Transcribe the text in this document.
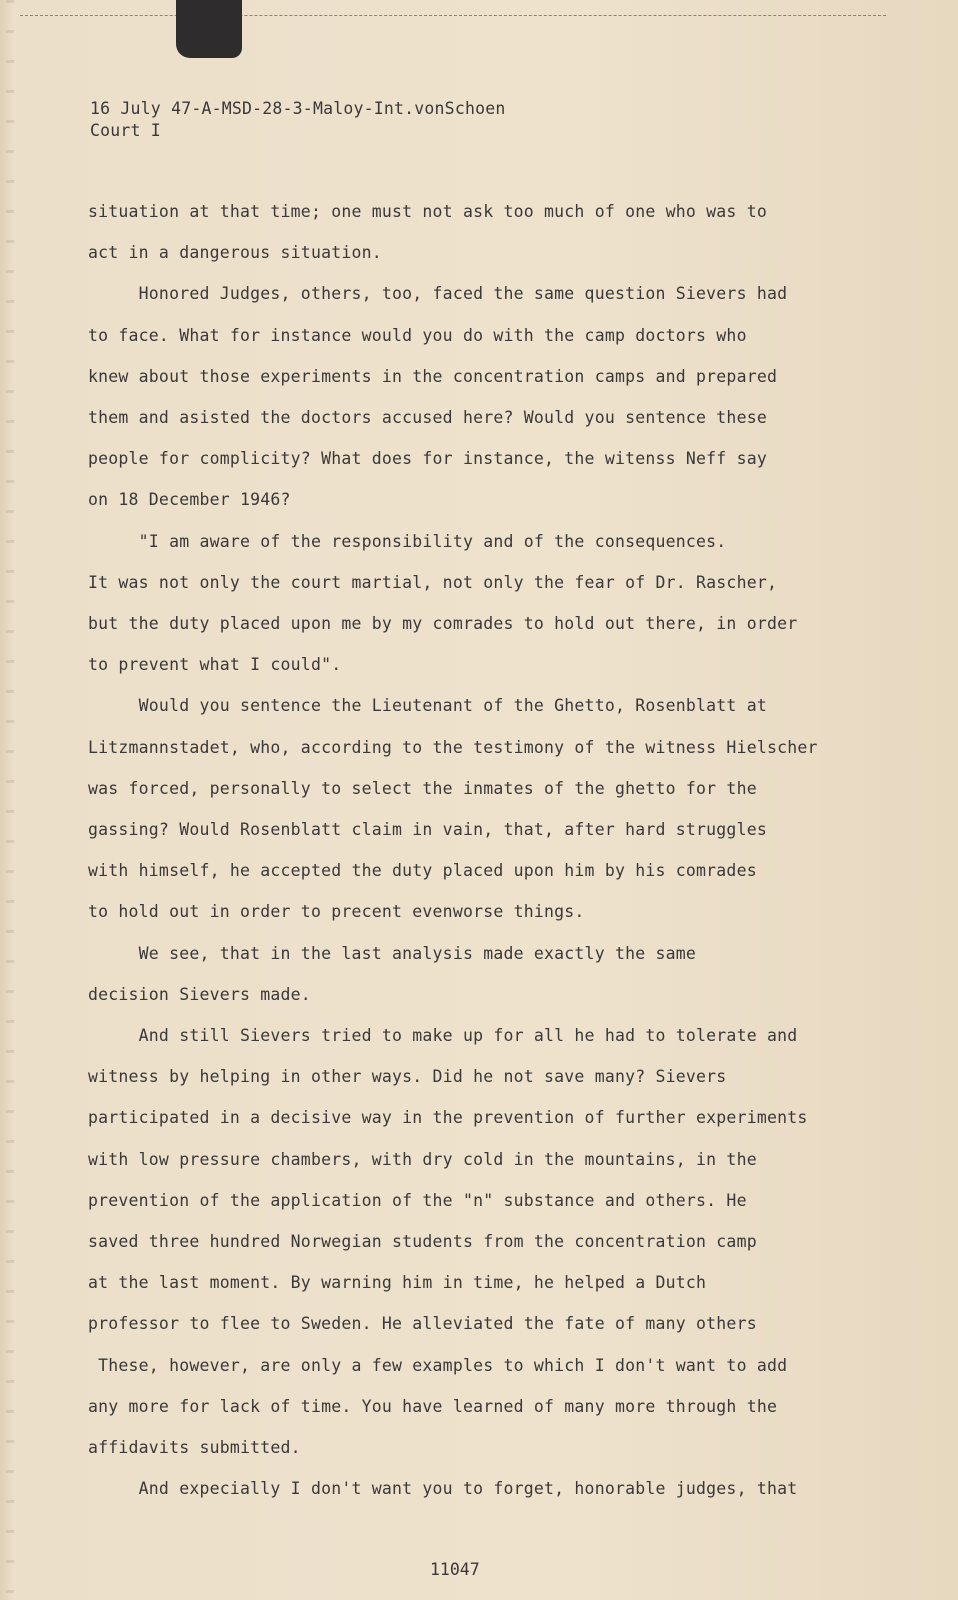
16 July 47-A-MSD-28-3-Maloy-Int.vonSchoen
Court I
situation at that time; one must not ask too much of one who was to
act in a dangerous situation.
Honored Judges, others, too, faced the same question Sievers had
to face. What for instance would you do with the camp doctors who
knew about those experiments in the concentration camps and prepared
them and asisted the doctors accused here? Would you sentence these
people for complicity? What does for instance, the witenss Neff say
on 18 December 1946?
"I am aware of the responsibility and of the consequences.
It was not only the court martial, not only the fear of Dr. Rascher,
but the duty placed upon me by my comrades to hold out there, in order
to prevent what I could".
Would you sentence the Lieutenant of the Ghetto, Rosenblatt at
Litzmannstadet, who, according to the testimony of the witness Hielscher
was forced, personally to select the inmates of the ghetto for the
gassing? Would Rosenblatt claim in vain, that, after hard struggles
with himself, he accepted the duty placed upon him by his comrades
to hold out in order to precent evenworse things.
We see, that in the last analysis made exactly the same
decision Sievers made.
And still Sievers tried to make up for all he had to tolerate and
witness by helping in other ways. Did he not save many? Sievers
participated in a decisive way in the prevention of further experiments
with low pressure chambers, with dry cold in the mountains, in the
prevention of the application of the "n" substance and others. He
saved three hundred Norwegian students from the concentration camp
at the last moment. By warning him in time, he helped a Dutch
professor to flee to Sweden. He alleviated the fate of many others
These, however, are only a few examples to which I don't want to add
any more for lack of time. You have learned of many more through the
affidavits submitted.
And expecially I don't want you to forget, honorable judges, that
11047
